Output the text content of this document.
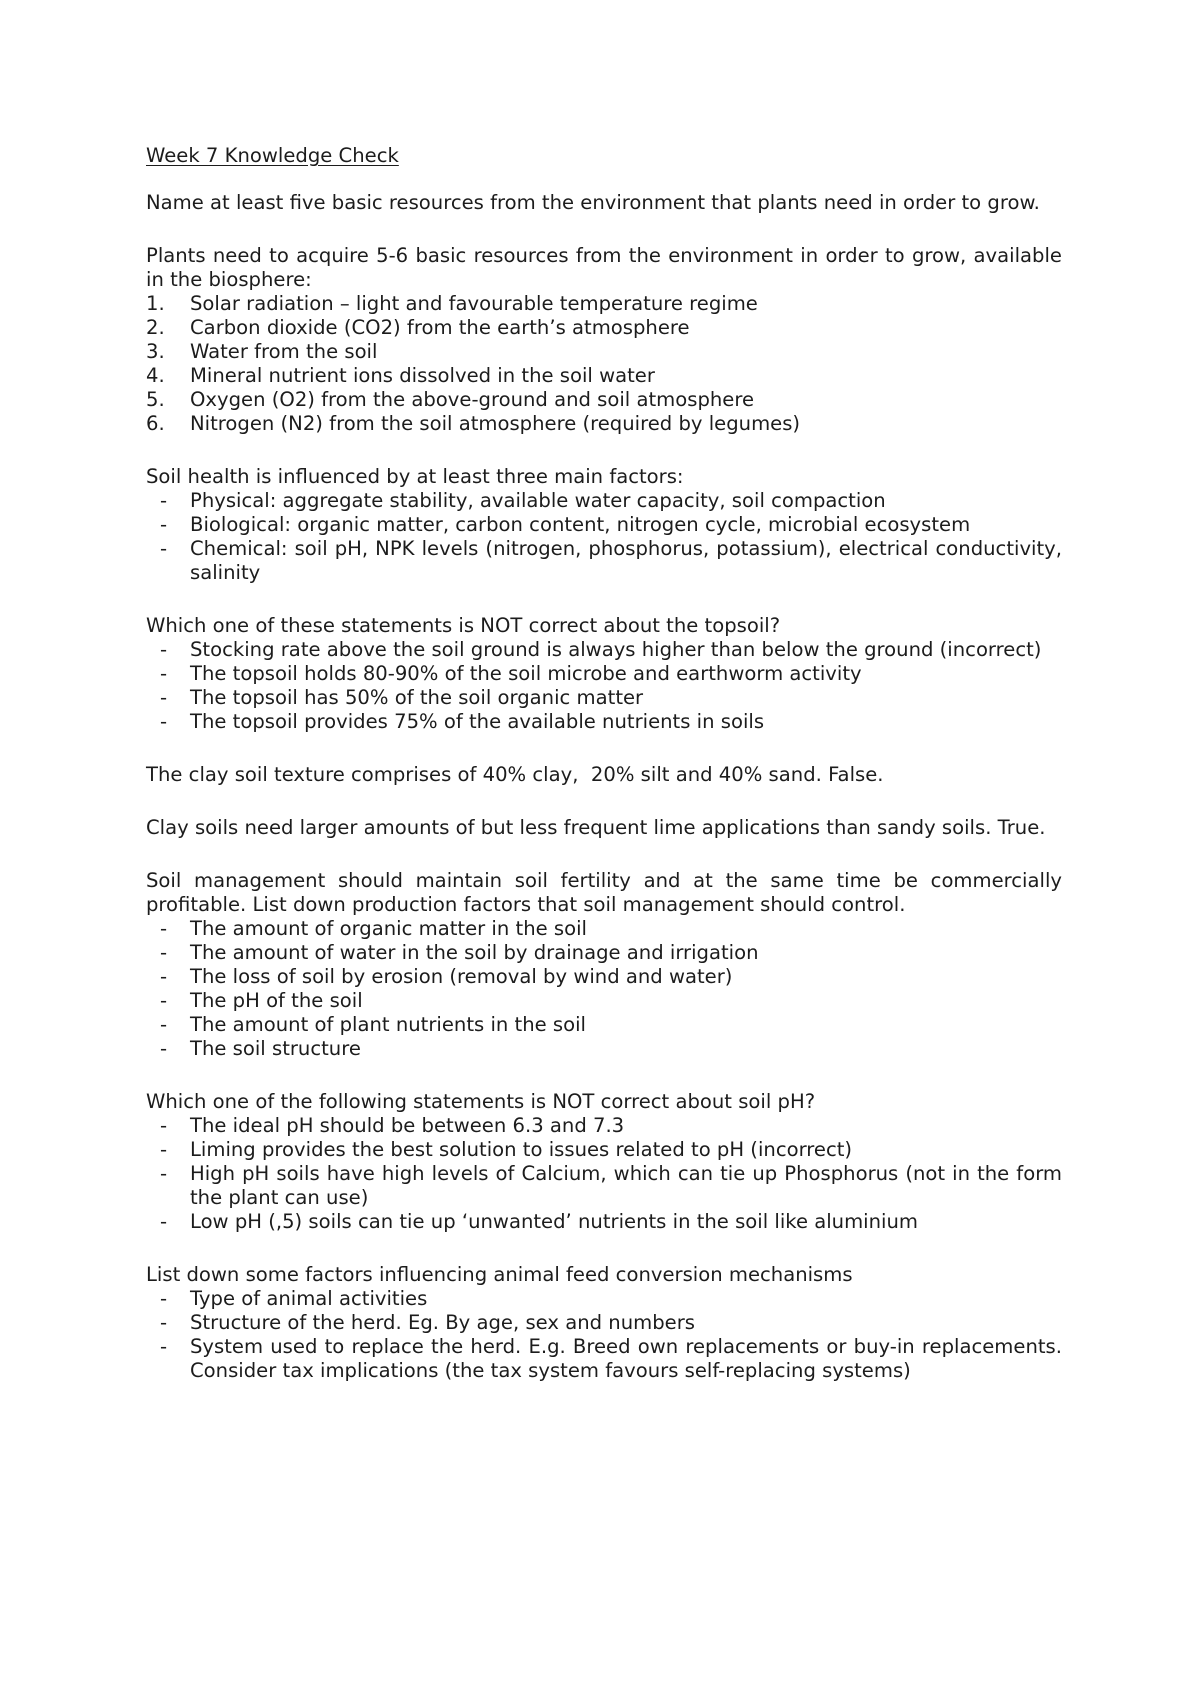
Week 7 Knowledge Check

Name at least five basic resources from the environment that plants need in order to grow.

Plants need to acquire 5-6 basic resources from the environment in order to grow, available in the biosphere:

1.	Solar radiation – light and favourable temperature regime
2.	Carbon dioxide (CO2) from the earth’s atmosphere
3.	Water from the soil
4.	Mineral nutrient ions dissolved in the soil water
5.	Oxygen (O2) from the above-ground and soil atmosphere
6.	Nitrogen (N2) from the soil atmosphere (required by legumes)

Soil health is influenced by at least three main factors:

-	Physical: aggregate stability, available water capacity, soil compaction
-	Biological: organic matter, carbon content, nitrogen cycle, microbial ecosystem
-	Chemical: soil pH, NPK levels (nitrogen, phosphorus, potassium), electrical conductivity, salinity

Which one of these statements is NOT correct about the topsoil?

-	Stocking rate above the soil ground is always higher than below the ground (incorrect)
-	The topsoil holds 80-90% of the soil microbe and earthworm activity
-	The topsoil has 50% of the soil organic matter
-	The topsoil provides 75% of the available nutrients in soils

The clay soil texture comprises of 40% clay,  20% silt and 40% sand. False.

Clay soils need larger amounts of but less frequent lime applications than sandy soils. True.

Soil management should maintain soil fertility and at the same time be commercially profitable. List down production factors that soil management should control.

-	The amount of organic matter in the soil
-	The amount of water in the soil by drainage and irrigation
-	The loss of soil by erosion (removal by wind and water)
-	The pH of the soil
-	The amount of plant nutrients in the soil
-	The soil structure

Which one of the following statements is NOT correct about soil pH?

-	The ideal pH should be between 6.3 and 7.3
-	Liming provides the best solution to issues related to pH (incorrect)
-	High pH soils have high levels of Calcium, which can tie up Phosphorus (not in the form the plant can use)
-	Low pH (,5) soils can tie up ‘unwanted’ nutrients in the soil like aluminium

List down some factors influencing animal feed conversion mechanisms

-	Type of animal activities
-	Structure of the herd. Eg. By age, sex and numbers
-	System used to replace the herd. E.g. Breed own replacements or buy-in replacements. Consider tax implications (the tax system favours self-replacing systems)
